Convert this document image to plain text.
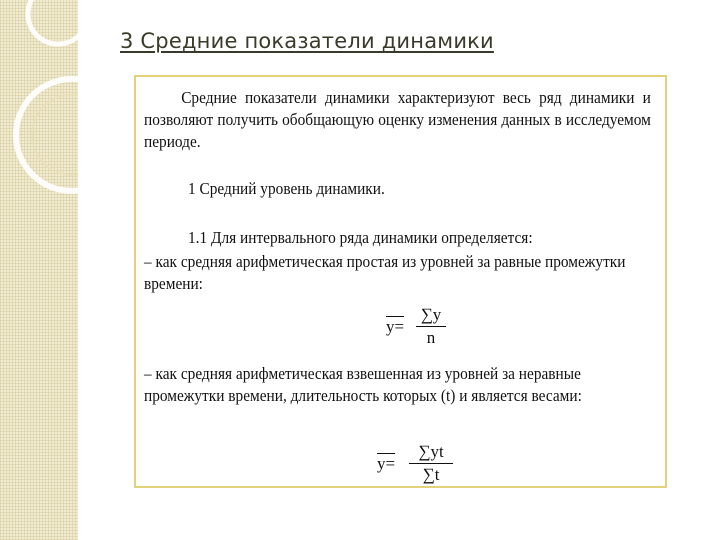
3 Средние показатели динамики
Средние показатели динамики характеризуют весь ряд динамики и позволяют получить обобщающую оценку изменения данных в исследуемом периоде.
1 Средний уровень динамики.
1.1 Для интервального ряда динамики определяется:
– как средняя арифметическая простая из уровней за равные промежутки времени:
y=
∑y
n
– как средняя арифметическая взвешенная из уровней за неравные промежутки времени, длительность которых (t) и является весами:
y=
∑yt
∑t
